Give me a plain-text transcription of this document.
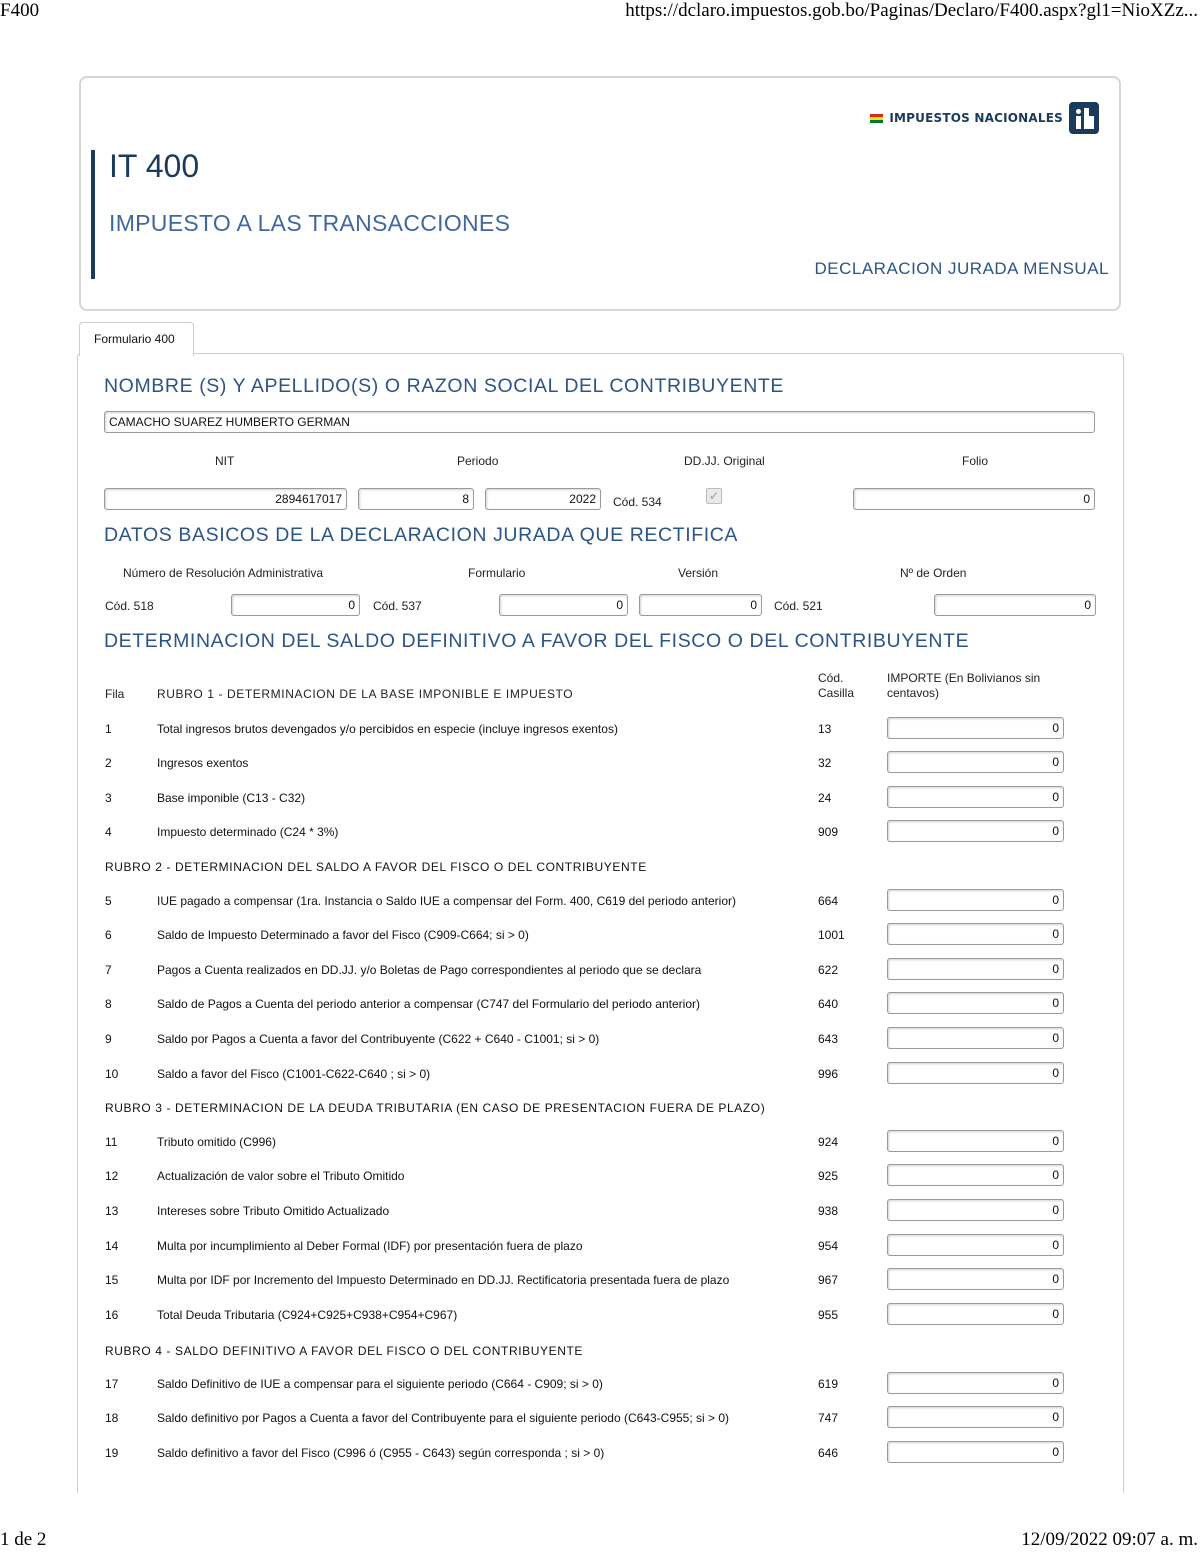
F400	https://dclaro.impuestos.gob.bo/Paginas/Declaro/F400.aspx?gl1=NioXZz...
1 de 2	12/09/2022 09:07 a. m.
IMPUESTOS NACIONALES
IT 400
IMPUESTO A LAS TRANSACCIONES
DECLARACION JURADA MENSUAL
Formulario 400
NOMBRE (S) Y APELLIDO(S) O RAZON SOCIAL DEL CONTRIBUYENTE
CAMACHO SUAREZ HUMBERTO GERMAN
NIT	Periodo	DD.JJ. Original	Folio
2894617017	8	2022	Cód. 534	✓	0
DATOS BASICOS DE LA DECLARACION JURADA QUE RECTIFICA
Número de Resolución Administrativa	Formulario	Versión	Nº de Orden
Cód. 518	0	Cód. 537	0	0	Cód. 521	0
DETERMINACION DEL SALDO DEFINITIVO A FAVOR DEL FISCO O DEL CONTRIBUYENTE
Fila	RUBRO 1 - DETERMINACION DE LA BASE IMPONIBLE E IMPUESTO
Cód. Casilla
IMPORTE (En Bolivianos sin centavos)
RUBRO 2 - DETERMINACION DEL SALDO A FAVOR DEL FISCO O DEL CONTRIBUYENTE
RUBRO 3 - DETERMINACION DE LA DEUDA TRIBUTARIA (EN CASO DE PRESENTACION FUERA DE PLAZO)
RUBRO 4 - SALDO DEFINITIVO A FAVOR DEL FISCO O DEL CONTRIBUYENTE
1	Total ingresos brutos devengados y/o percibidos en especie (incluye ingresos exentos)	13	0
2	Ingresos exentos	32	0
3	Base imponible (C13 - C32)	24	0
4	Impuesto determinado (C24 * 3%)	909	0
5	IUE pagado a compensar (1ra. Instancia o Saldo IUE a compensar del Form. 400, C619 del periodo anterior)	664	0
6	Saldo de Impuesto Determinado a favor del Fisco (C909-C664; si > 0)	1001	0
7	Pagos a Cuenta realizados en DD.JJ. y/o Boletas de Pago correspondientes al periodo que se declara	622	0
8	Saldo de Pagos a Cuenta del periodo anterior a compensar (C747 del Formulario del periodo anterior)	640	0
9	Saldo por Pagos a Cuenta a favor del Contribuyente (C622 + C640 - C1001; si > 0)	643	0
10	Saldo a favor del Fisco (C1001-C622-C640 ; si > 0)	996	0
11	Tributo omitido (C996)	924	0
12	Actualización de valor sobre el Tributo Omitido	925	0
13	Intereses sobre Tributo Omitido Actualizado	938	0
14	Multa por incumplimiento al Deber Formal (IDF) por presentación fuera de plazo	954	0
15	Multa por IDF por Incremento del Impuesto Determinado en DD.JJ. Rectificatoria presentada fuera de plazo	967	0
16	Total Deuda Tributaria (C924+C925+C938+C954+C967)	955	0
17	Saldo Definitivo de IUE a compensar para el siguiente periodo (C664 - C909; si > 0)	619	0
18	Saldo definitivo por Pagos a Cuenta a favor del Contribuyente para el siguiente periodo (C643-C955; si > 0)	747	0
19	Saldo definitivo a favor del Fisco (C996 ó (C955 - C643) según corresponda ; si > 0)	646	0
